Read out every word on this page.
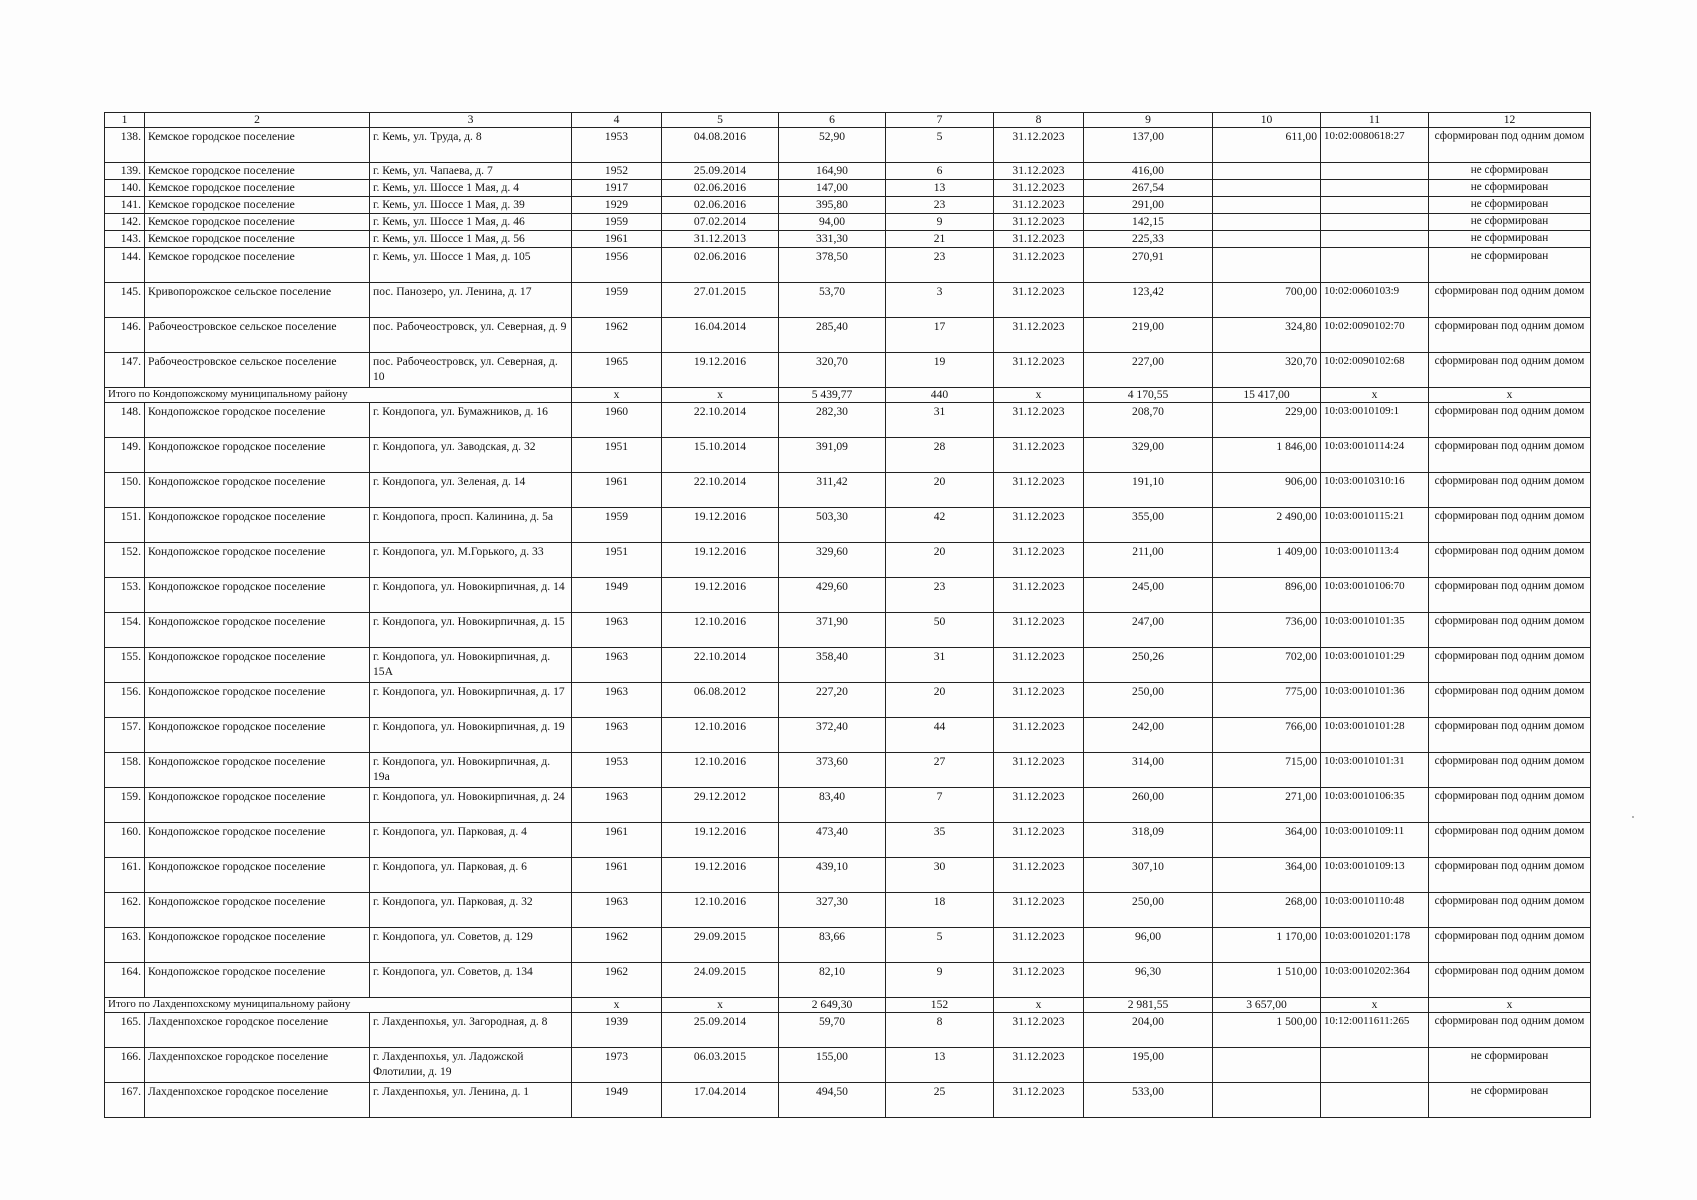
1	2	3	4	5	6	7	8	9	10	11	12
138.	Кемское городское поселение	г. Кемь, ул. Труда, д. 8	1953	04.08.2016	52,90	5	31.12.2023	137,00	611,00	10:02:0080618:27	сформирован под одним домом
139.	Кемское городское поселение	г. Кемь, ул. Чапаева, д. 7	1952	25.09.2014	164,90	6	31.12.2023	416,00			не сформирован
140.	Кемское городское поселение	г. Кемь, ул. Шоссе 1 Мая, д. 4	1917	02.06.2016	147,00	13	31.12.2023	267,54			не сформирован
141.	Кемское городское поселение	г. Кемь, ул. Шоссе 1 Мая, д. 39	1929	02.06.2016	395,80	23	31.12.2023	291,00			не сформирован
142.	Кемское городское поселение	г. Кемь, ул. Шоссе 1 Мая, д. 46	1959	07.02.2014	94,00	9	31.12.2023	142,15			не сформирован
143.	Кемское городское поселение	г. Кемь, ул. Шоссе 1 Мая, д. 56	1961	31.12.2013	331,30	21	31.12.2023	225,33			не сформирован
144.	Кемское городское поселение	г. Кемь, ул. Шоссе 1 Мая, д. 105	1956	02.06.2016	378,50	23	31.12.2023	270,91			не сформирован
145.	Кривопорожское сельское поселение	пос. Панозеро, ул. Ленина, д. 17	1959	27.01.2015	53,70	3	31.12.2023	123,42	700,00	10:02:0060103:9	сформирован под одним домом
146.	Рабочеостровское сельское поселение	пос. Рабочеостровск, ул. Северная, д. 9	1962	16.04.2014	285,40	17	31.12.2023	219,00	324,80	10:02:0090102:70	сформирован под одним домом
147.	Рабочеостровское сельское поселение	пос. Рабочеостровск, ул. Северная, д. 10	1965	19.12.2016	320,70	19	31.12.2023	227,00	320,70	10:02:0090102:68	сформирован под одним домом
Итого по Кондопожскому муниципальному району			x	x	5 439,77	440	x	4 170,55	15 417,00	x	x
148.	Кондопожское городское поселение	г. Кондопога, ул. Бумажников, д. 16	1960	22.10.2014	282,30	31	31.12.2023	208,70	229,00	10:03:0010109:1	сформирован под одним домом
149.	Кондопожское городское поселение	г. Кондопога, ул. Заводская, д. 32	1951	15.10.2014	391,09	28	31.12.2023	329,00	1 846,00	10:03:0010114:24	сформирован под одним домом
150.	Кондопожское городское поселение	г. Кондопога, ул. Зеленая, д. 14	1961	22.10.2014	311,42	20	31.12.2023	191,10	906,00	10:03:0010310:16	сформирован под одним домом
151.	Кондопожское городское поселение	г. Кондопога, просп. Калинина, д. 5а	1959	19.12.2016	503,30	42	31.12.2023	355,00	2 490,00	10:03:0010115:21	сформирован под одним домом
152.	Кондопожское городское поселение	г. Кондопога, ул. М.Горького, д. 33	1951	19.12.2016	329,60	20	31.12.2023	211,00	1 409,00	10:03:0010113:4	сформирован под одним домом
153.	Кондопожское городское поселение	г. Кондопога, ул. Новокирпичная, д. 14	1949	19.12.2016	429,60	23	31.12.2023	245,00	896,00	10:03:0010106:70	сформирован под одним домом
154.	Кондопожское городское поселение	г. Кондопога, ул. Новокирпичная, д. 15	1963	12.10.2016	371,90	50	31.12.2023	247,00	736,00	10:03:0010101:35	сформирован под одним домом
155.	Кондопожское городское поселение	г. Кондопога, ул. Новокирпичная, д. 15А	1963	22.10.2014	358,40	31	31.12.2023	250,26	702,00	10:03:0010101:29	сформирован под одним домом
156.	Кондопожское городское поселение	г. Кондопога, ул. Новокирпичная, д. 17	1963	06.08.2012	227,20	20	31.12.2023	250,00	775,00	10:03:0010101:36	сформирован под одним домом
157.	Кондопожское городское поселение	г. Кондопога, ул. Новокирпичная, д. 19	1963	12.10.2016	372,40	44	31.12.2023	242,00	766,00	10:03:0010101:28	сформирован под одним домом
158.	Кондопожское городское поселение	г. Кондопога, ул. Новокирпичная, д. 19а	1953	12.10.2016	373,60	27	31.12.2023	314,00	715,00	10:03:0010101:31	сформирован под одним домом
159.	Кондопожское городское поселение	г. Кондопога, ул. Новокирпичная, д. 24	1963	29.12.2012	83,40	7	31.12.2023	260,00	271,00	10:03:0010106:35	сформирован под одним домом
160.	Кондопожское городское поселение	г. Кондопога, ул. Парковая, д. 4	1961	19.12.2016	473,40	35	31.12.2023	318,09	364,00	10:03:0010109:11	сформирован под одним домом
161.	Кондопожское городское поселение	г. Кондопога, ул. Парковая, д. 6	1961	19.12.2016	439,10	30	31.12.2023	307,10	364,00	10:03:0010109:13	сформирован под одним домом
162.	Кондопожское городское поселение	г. Кондопога, ул. Парковая, д. 32	1963	12.10.2016	327,30	18	31.12.2023	250,00	268,00	10:03:0010110:48	сформирован под одним домом
163.	Кондопожское городское поселение	г. Кондопога, ул. Советов, д. 129	1962	29.09.2015	83,66	5	31.12.2023	96,00	1 170,00	10:03:0010201:178	сформирован под одним домом
164.	Кондопожское городское поселение	г. Кондопога, ул. Советов, д. 134	1962	24.09.2015	82,10	9	31.12.2023	96,30	1 510,00	10:03:0010202:364	сформирован под одним домом
Итого по Лахденпохскому муниципальному району			x	x	2 649,30	152	x	2 981,55	3 657,00	x	x
165.	Лахденпохское городское поселение	г. Лахденпохья, ул. Загородная, д. 8	1939	25.09.2014	59,70	8	31.12.2023	204,00	1 500,00	10:12:0011611:265	сформирован под одним домом
166.	Лахденпохское городское поселение	г. Лахденпохья, ул. Ладожской Флотилии, д. 19	1973	06.03.2015	155,00	13	31.12.2023	195,00			не сформирован
167.	Лахденпохское городское поселение	г. Лахденпохья, ул. Ленина, д. 1	1949	17.04.2014	494,50	25	31.12.2023	533,00			не сформирован
